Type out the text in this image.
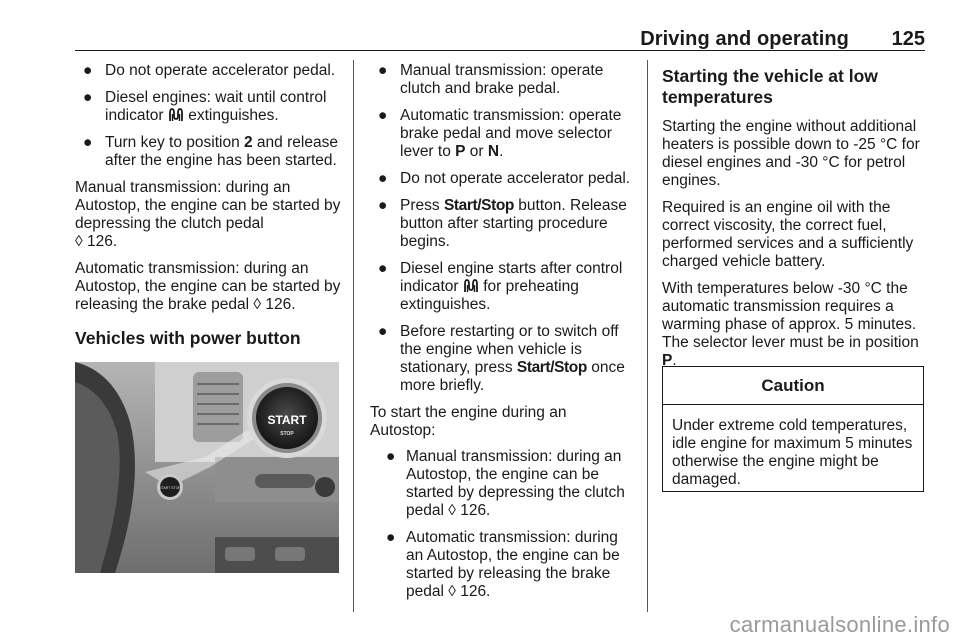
Driving and operating 125
● Do not operate accelerator pedal.
● Diesel engines: wait until control indicator  extinguishes.
● Turn key to position 2 and release after the engine has been started.

Manual transmission: during an Autostop, the engine can be started by depressing the clutch pedal
◊ 126.

Automatic transmission: during an Autostop, the engine can be started by releasing the brake pedal ◊ 126.

Vehicles with power button
START
STOP
START STOP
● Manual transmission: operate clutch and brake pedal.
● Automatic transmission: operate brake pedal and move selector lever to P or N.
● Do not operate accelerator pedal.
● Press Start/Stop button. Release button after starting procedure begins.
● Diesel engine starts after control indicator  for preheating extinguishes.
● Before restarting or to switch off the engine when vehicle is stationary, press Start/Stop once more briefly.

To start the engine during an Autostop:

● Manual transmission: during an Autostop, the engine can be started by depressing the clutch pedal ◊ 126.
● Automatic transmission: during an Autostop, the engine can be started by releasing the brake pedal ◊ 126.
Starting the vehicle at low temperatures

Starting the engine without additional heaters is possible down to -25 °C for diesel engines and -30 °C for petrol engines.

Required is an engine oil with the correct viscosity, the correct fuel, performed services and a sufficiently charged vehicle battery.

With temperatures below -30 °C the automatic transmission requires a warming phase of approx. 5 minutes. The selector lever must be in position P.

Caution
Under extreme cold temperatures, idle engine for maximum 5 minutes otherwise the engine might be damaged.
carmanualsonline.info
